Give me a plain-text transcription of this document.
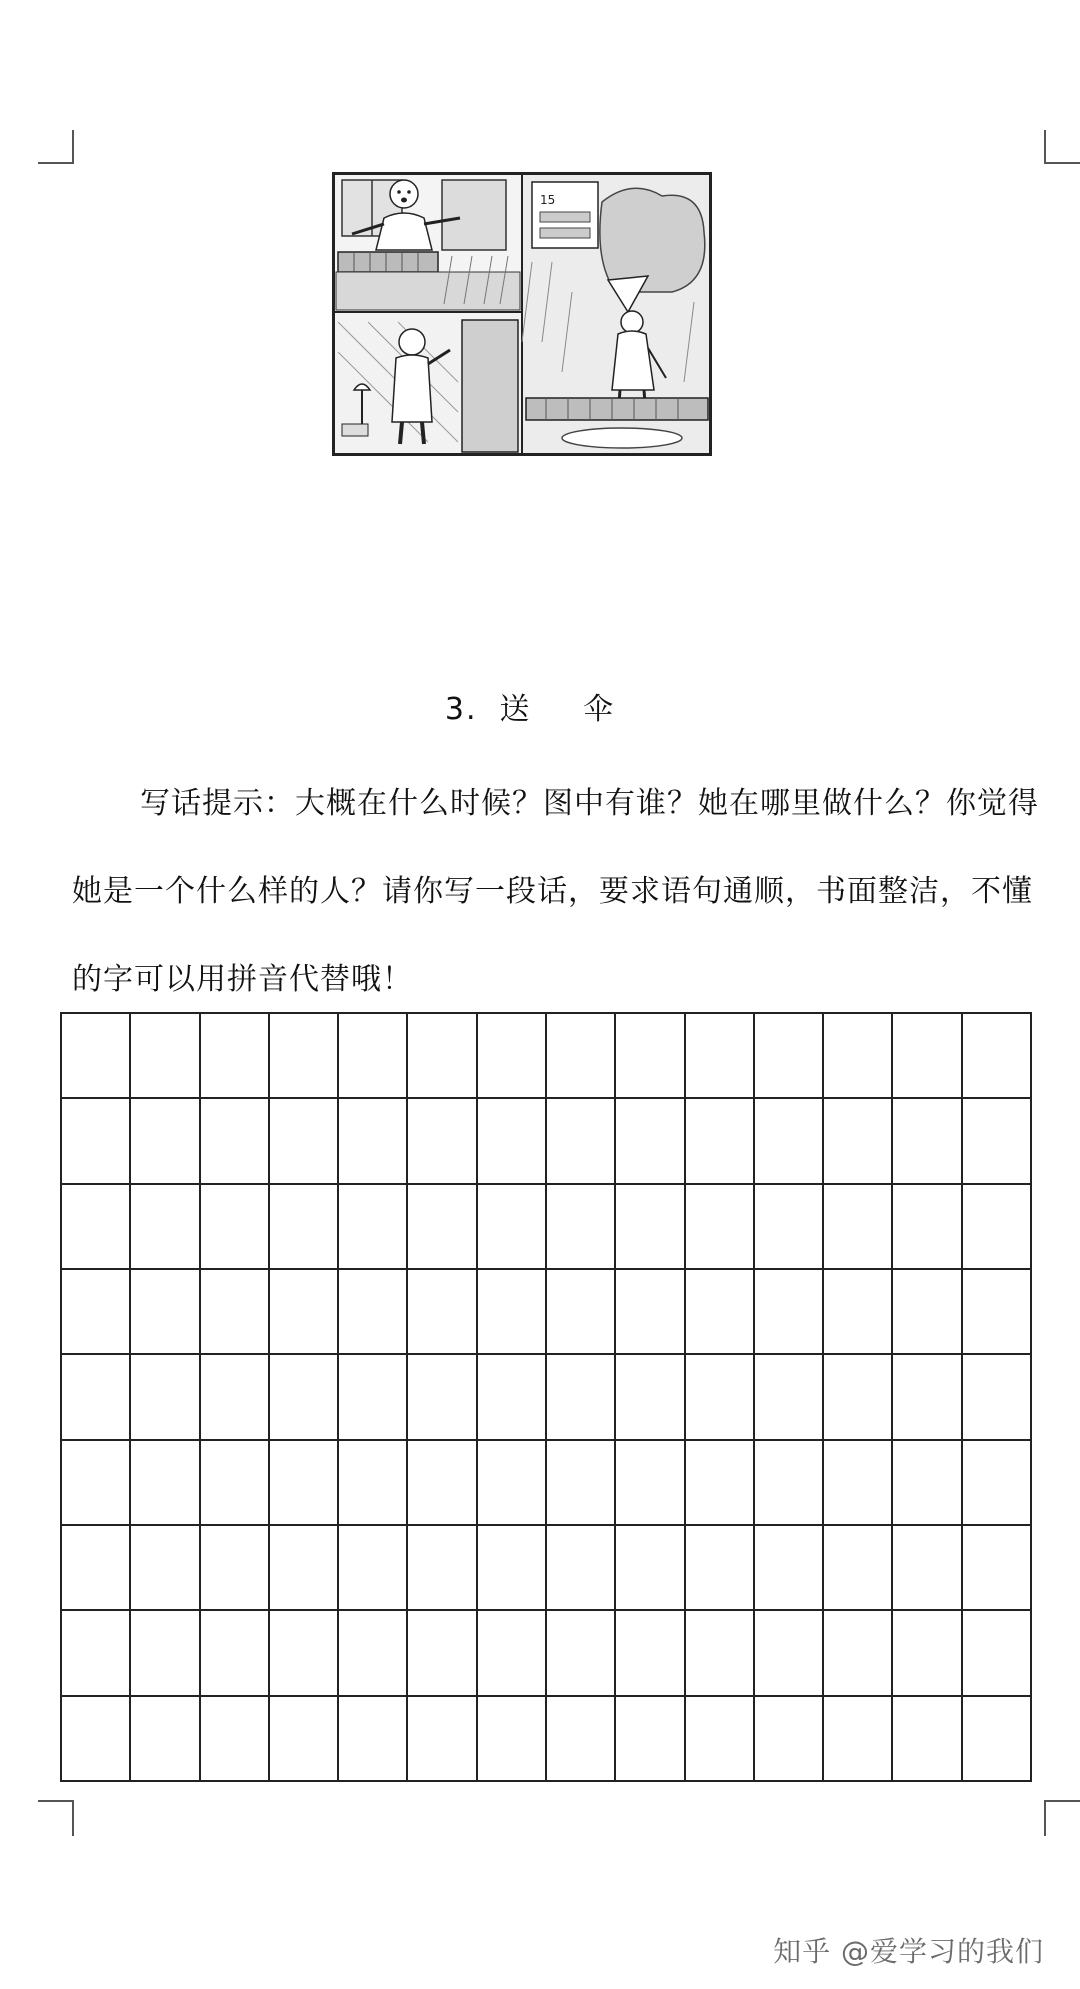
15
3. 送 伞
写话提示：大概在什么时候？图中有谁？她在哪里做什么？你觉得她是一个什么样的人？请你写一段话，要求语句通顺，书面整洁，不懂的字可以用拼音代替哦！
知乎 @爱学习的我们
